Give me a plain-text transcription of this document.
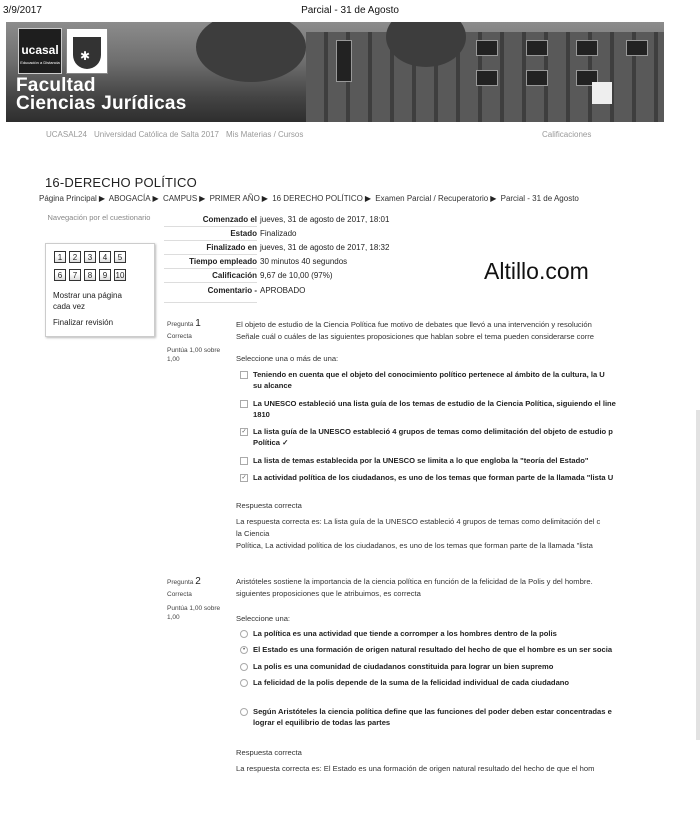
3/9/2017	Parcial - 31 de Agosto
ucasal
Educación a Distancia ✱
Facultad
Ciencias Jurídicas
UCASAL24 Universidad Católica de Salta 2017 Mis Materias / Cursos	Calificaciones
16-DERECHO POLÍTICO
Página Principal ▶ ABOGACÍA ▶ CAMPUS ▶ PRIMER AÑO ▶ 16 DERECHO POLÍTICO ▶ Examen Parcial / Recuperatorio ▶ Parcial - 31 de Agosto
Navegación por el cuestionario
1	2	3	4	5
6	7	8	9	10
Mostrar una página cada vez
Finalizar revisión
Comenzado el jueves, 31 de agosto de 2017, 18:01
Estado Finalizado
Finalizado en jueves, 31 de agosto de 2017, 18:32
Tiempo empleado 30 minutos 40 segundos
Calificación 9,67 de 10,00 (97%)
Comentario - APROBADO
Altillo.com
Pregunta 1
Correcta
Puntúa 1,00 sobre 1,00
El objeto de estudio de la Ciencia Política fue motivo de debates que llevó a una intervención y resolución
Señale cuál o cuáles de las siguientes proposiciones que hablan sobre el tema pueden considerarse corre
Seleccione una o más de una:
Teniendo en cuenta que el objeto del conocimiento político pertenece al ámbito de la cultura, la U
su alcance
La UNESCO estableció una lista guía de los temas de estudio de la Ciencia Política, siguiendo el line
1810
✓ La lista guía de la UNESCO estableció 4 grupos de temas como delimitación del objeto de estudio p
Política ✓
La lista de temas establecida por la UNESCO se limita a lo que engloba la "teoría del Estado"
✓ La actividad política de los ciudadanos, es uno de los temas que forman parte de la llamada "lista U
Respuesta correcta
La respuesta correcta es: La lista guía de la UNESCO estableció 4 grupos de temas como delimitación del c
la Ciencia
Política, La actividad política de los ciudadanos, es uno de los temas que forman parte de la llamada "lista
Pregunta 2
Correcta
Puntúa 1,00 sobre 1,00
Aristóteles sostiene la importancia de la ciencia política en función de la felicidad de la Polis y del hombre.
siguientes proposiciones que le atribuimos, es correcta
Seleccione una:
La política es una actividad que tiende a corromper a los hombres dentro de la polis
• El Estado es una formación de origen natural resultado del hecho de que el hombre es un ser socia
La polis es una comunidad de ciudadanos constituida para lograr un bien supremo
La felicidad de la polis depende de la suma de la felicidad individual de cada ciudadano
Según Aristóteles la ciencia política define que las funciones del poder deben estar concentradas e
lograr el equilibrio de todas las partes
Respuesta correcta
La respuesta correcta es: El Estado es una formación de origen natural resultado del hecho de que el hom
